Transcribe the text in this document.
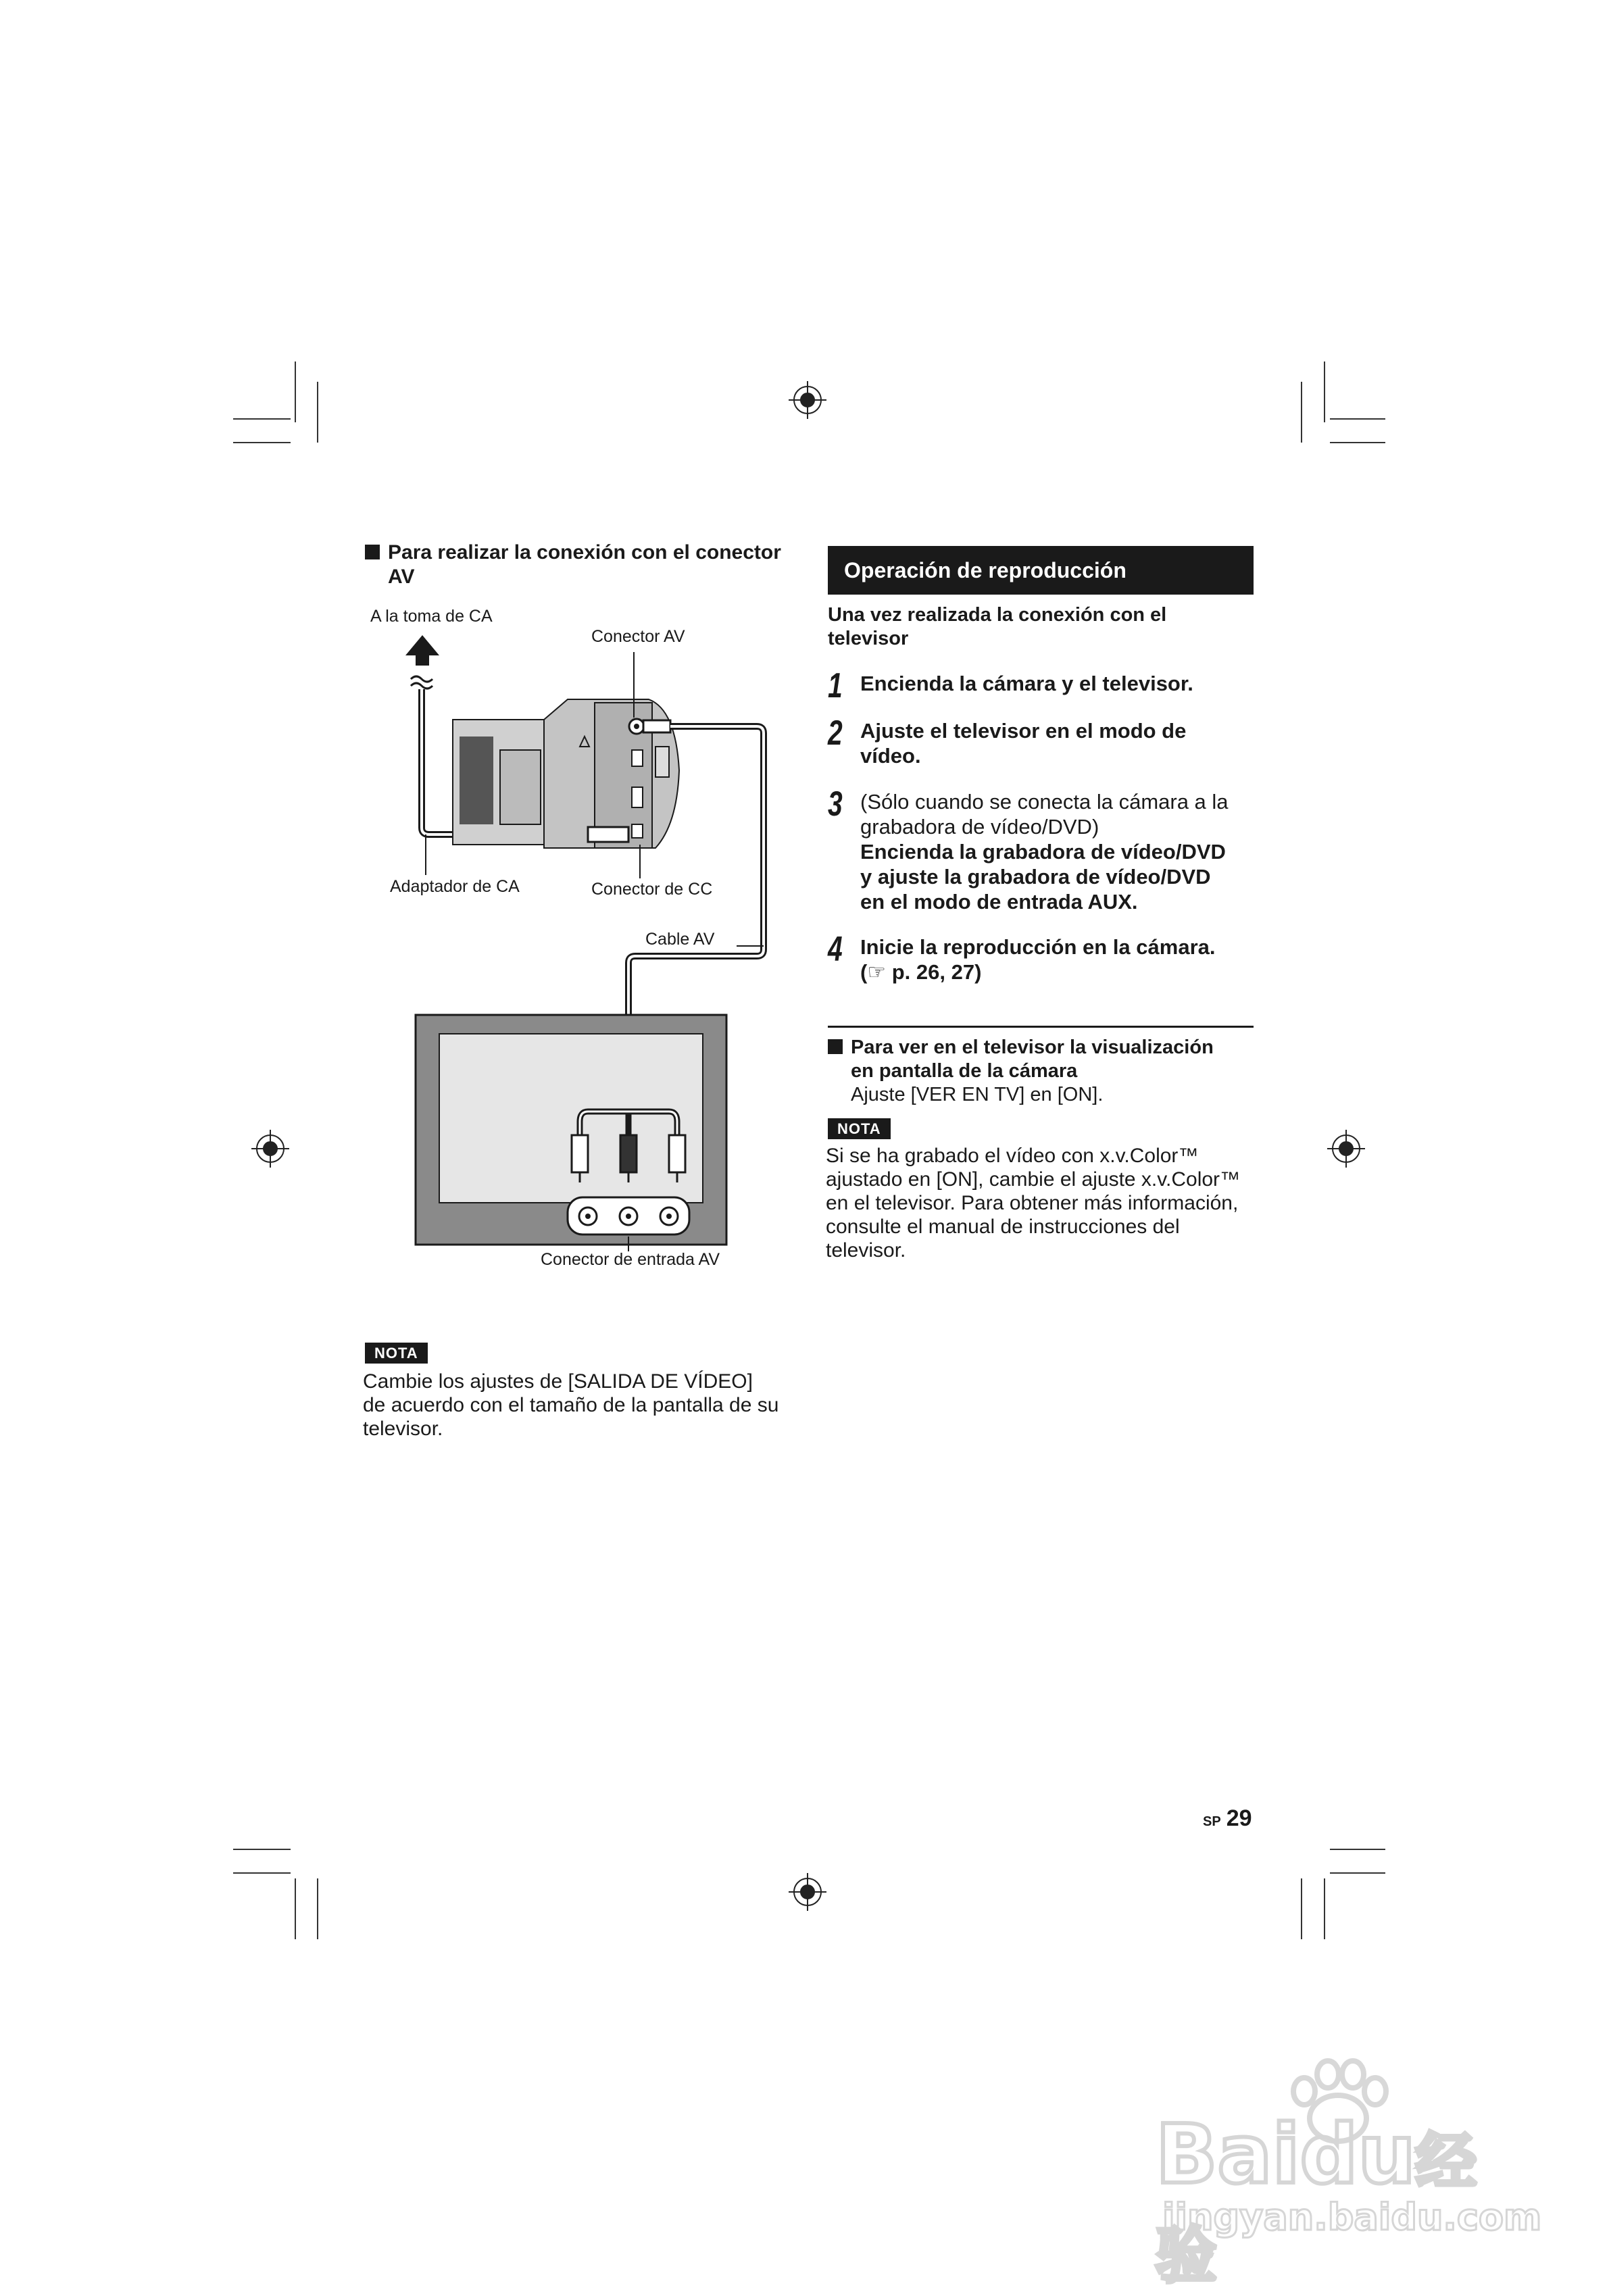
Para realizar la conexión con el conector
AV
A la toma de CA
Conector AV
Adaptador de CA	Conector de CC
Cable AV
Conector de entrada AV
NOTA
Cambie los ajustes de [SALIDA DE VÍDEO]
de acuerdo con el tamaño de la pantalla de su
televisor.
Operación de reproducción
Una vez realizada la conexión con el
televisor
1 Encienda la cámara y el televisor.
2 Ajuste el televisor en el modo de
vídeo.
3 (Sólo cuando se conecta la cámara a la
grabadora de vídeo/DVD)
Encienda la grabadora de vídeo/DVD
y ajuste la grabadora de vídeo/DVD
en el modo de entrada AUX.
4 Inicie la reproducción en la cámara.
(☞ p. 26, 27)
Para ver en el televisor la visualización
en pantalla de la cámara
Ajuste [VER EN TV] en [ON].
NOTA
Si se ha grabado el vídeo con x.v.Color™
ajustado en [ON], cambie el ajuste x.v.Color™
en el televisor. Para obtener más información,
consulte el manual de instrucciones del
televisor.
SP 29
Baidu经验
jingyan.baidu.com
